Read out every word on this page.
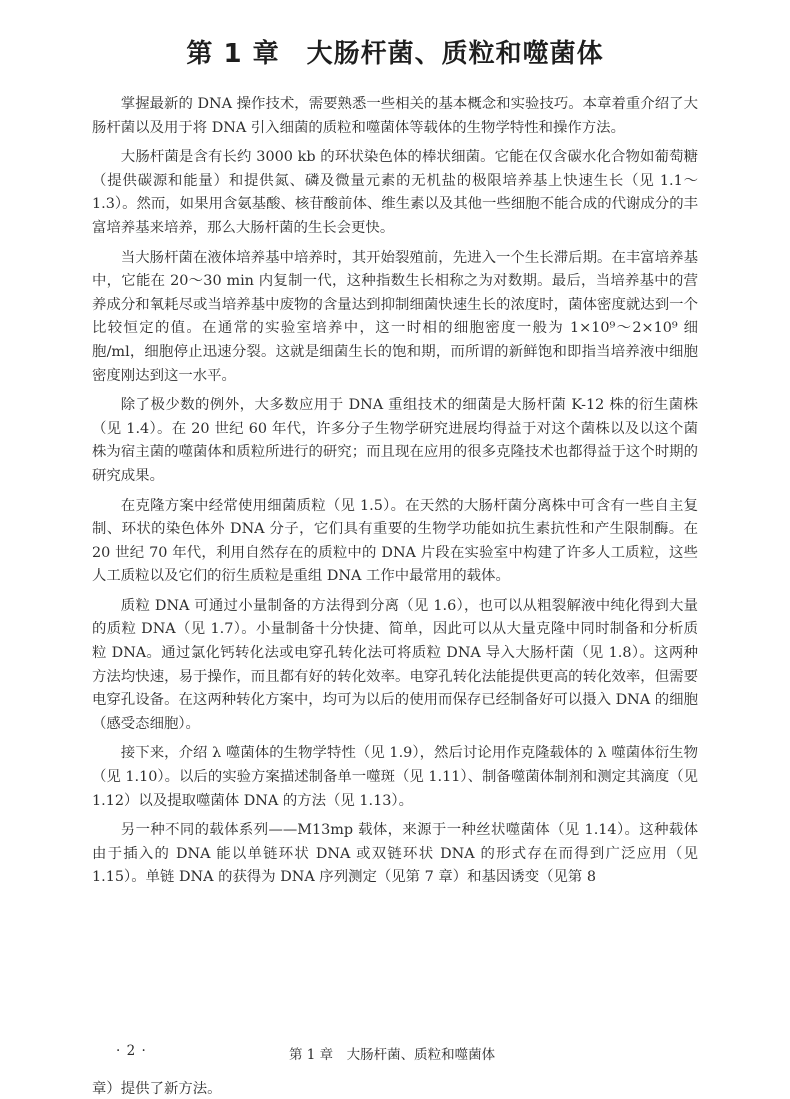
第 1 章　大肠杆菌、质粒和噬菌体

掌握最新的 DNA 操作技术，需要熟悉一些相关的基本概念和实验技巧。本章着重介绍了大肠杆菌以及用于将 DNA 引入细菌的质粒和噬菌体等载体的生物学特性和操作方法。

大肠杆菌是含有长约 3000 kb 的环状染色体的棒状细菌。它能在仅含碳水化合物如葡萄糖（提供碳源和能量）和提供氮、磷及微量元素的无机盐的极限培养基上快速生长（见 1.1～1.3）。然而，如果用含氨基酸、核苷酸前体、维生素以及其他一些细胞不能合成的代谢成分的丰富培养基来培养，那么大肠杆菌的生长会更快。

当大肠杆菌在液体培养基中培养时，其开始裂殖前，先进入一个生长滞后期。在丰富培养基中，它能在 20～30 min 内复制一代，这种指数生长相称之为对数期。最后，当培养基中的营养成分和氧耗尽或当培养基中废物的含量达到抑制细菌快速生长的浓度时，菌体密度就达到一个比较恒定的值。在通常的实验室培养中，这一时相的细胞密度一般为 1×10⁹～2×10⁹ 细胞/ml，细胞停止迅速分裂。这就是细菌生长的饱和期，而所谓的新鲜饱和即指当培养液中细胞密度刚达到这一水平。

除了极少数的例外，大多数应用于 DNA 重组技术的细菌是大肠杆菌 K-12 株的衍生菌株（见 1.4）。在 20 世纪 60 年代，许多分子生物学研究进展均得益于对这个菌株以及以这个菌株为宿主菌的噬菌体和质粒所进行的研究；而且现在应用的很多克隆技术也都得益于这个时期的研究成果。

在克隆方案中经常使用细菌质粒（见 1.5）。在天然的大肠杆菌分离株中可含有一些自主复制、环状的染色体外 DNA 分子，它们具有重要的生物学功能如抗生素抗性和产生限制酶。在 20 世纪 70 年代，利用自然存在的质粒中的 DNA 片段在实验室中构建了许多人工质粒，这些人工质粒以及它们的衍生质粒是重组 DNA 工作中最常用的载体。

质粒 DNA 可通过小量制备的方法得到分离（见 1.6），也可以从粗裂解液中纯化得到大量的质粒 DNA（见 1.7）。小量制备十分快捷、简单，因此可以从大量克隆中同时制备和分析质粒 DNA。通过氯化钙转化法或电穿孔转化法可将质粒 DNA 导入大肠杆菌（见 1.8）。这两种方法均快速，易于操作，而且都有好的转化效率。电穿孔转化法能提供更高的转化效率，但需要电穿孔设备。在这两种转化方案中，均可为以后的使用而保存已经制备好可以摄入 DNA 的细胞（感受态细胞）。

接下来，介绍 λ 噬菌体的生物学特性（见 1.9），然后讨论用作克隆载体的 λ 噬菌体衍生物（见 1.10）。以后的实验方案描述制备单一噬斑（见 1.11）、制备噬菌体制剂和测定其滴度（见 1.12）以及提取噬菌体 DNA 的方法（见 1.13）。

另一种不同的载体系列——M13mp 载体，来源于一种丝状噬菌体（见 1.14）。这种载体由于插入的 DNA 能以单链环状 DNA 或双链环状 DNA 的形式存在而得到广泛应用（见 1.15）。单链 DNA 的获得为 DNA 序列测定（见第 7 章）和基因诱变（见第 8

· 2 ·	第 1 章　大肠杆菌、质粒和噬菌体
章）提供了新方法。
